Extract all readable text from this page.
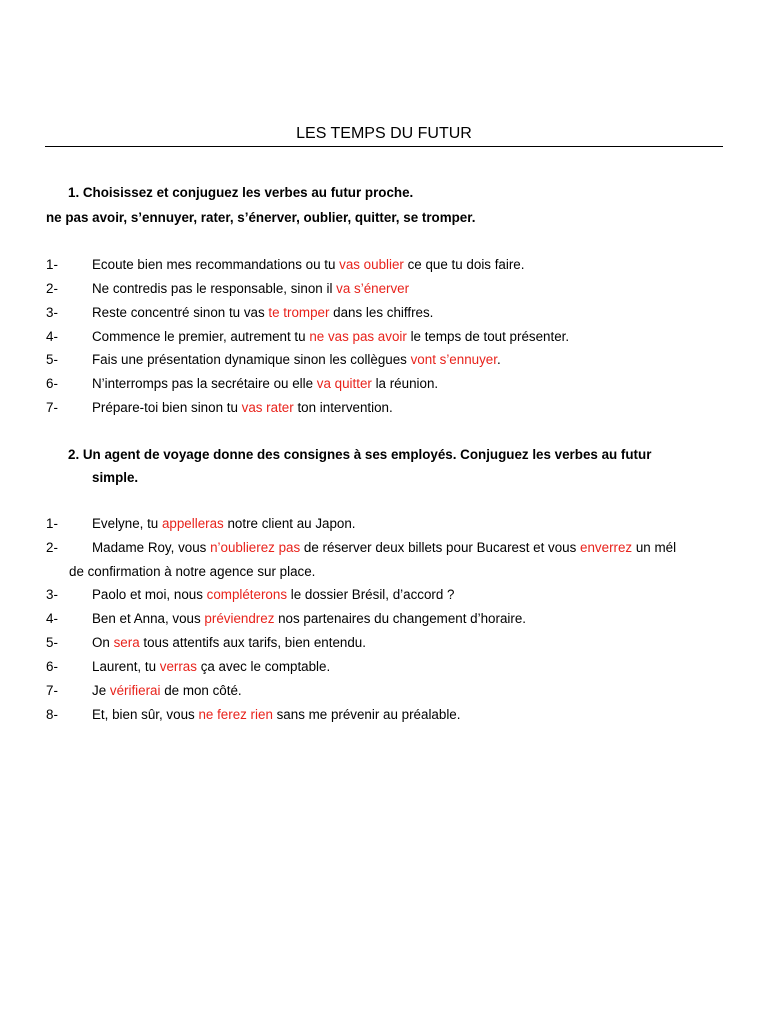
LES TEMPS DU FUTUR
1. Choisissez et conjuguez les verbes au futur proche.
ne pas avoir, s’ennuyer, rater, s’énerver, oublier, quitter, se tromper.
1-	Ecoute bien mes recommandations ou tu vas oublier ce que tu dois faire.
2-	Ne contredis pas le responsable, sinon il va s’énerver
3-	Reste concentré sinon tu vas te tromper dans les chiffres.
4-	Commence le premier, autrement tu ne vas pas avoir le temps de tout présenter.
5-	Fais une présentation dynamique sinon les collègues vont s’ennuyer.
6-	N’interromps pas la secrétaire ou elle va quitter la réunion.
7-	Prépare-toi bien sinon tu vas rater ton intervention.
2. Un agent de voyage donne des consignes à ses employés. Conjuguez les verbes au futur
simple.
1-	Evelyne, tu appelleras notre client au Japon.
2-	Madame Roy, vous n’oublierez pas de réserver deux billets pour Bucarest et vous enverrez un mél
de confirmation à notre agence sur place.
3-	Paolo et moi, nous compléterons le dossier Brésil, d’accord ?
4-	Ben et Anna, vous préviendrez nos partenaires du changement d’horaire.
5-	On sera tous attentifs aux tarifs, bien entendu.
6-	Laurent, tu verras ça avec le comptable.
7-	Je vérifierai de mon côté.
8-	Et, bien sûr, vous ne ferez rien sans me prévenir au préalable.
